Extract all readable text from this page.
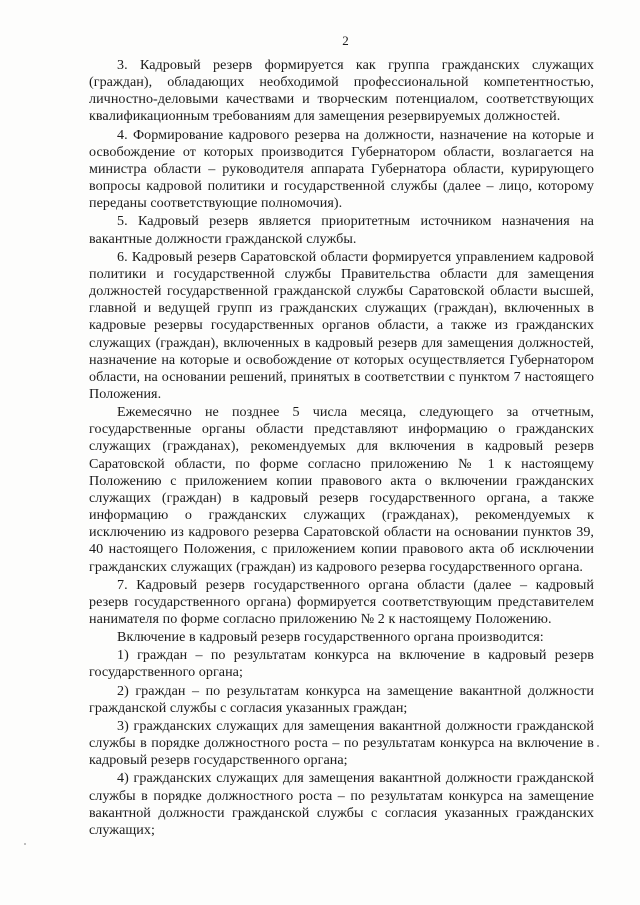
2

3. Кадровый резерв формируется как группа гражданских служащих (граждан), обладающих необходимой профессиональной компетентностью, личностно-деловыми качествами и творческим потенциалом, соответствующих квалификационным требованиям для замещения резервируемых должностей.

4. Формирование кадрового резерва на должности, назначение на которые и освобождение от которых производится Губернатором области, возлагается на министра области – руководителя аппарата Губернатора области, курирующего вопросы кадровой политики и государственной службы (далее – лицо, которому переданы соответствующие полномочия).

5. Кадровый резерв является приоритетным источником назначения на вакантные должности гражданской службы.

6. Кадровый резерв Саратовской области формируется управлением кадровой политики и государственной службы Правительства области для замещения должностей государственной гражданской службы Саратовской области высшей, главной и ведущей групп из гражданских служащих (граждан), включенных в кадровые резервы государственных органов области, а также из гражданских служащих (граждан), включенных в кадровый резерв для замещения должностей, назначение на которые и освобождение от которых осуществляется Губернатором области, на основании решений, принятых в соответствии с пунктом 7 настоящего Положения.

Ежемесячно не позднее 5 числа месяца, следующего за отчетным, государственные органы области представляют информацию о гражданских служащих (гражданах), рекомендуемых для включения в кадровый резерв Саратовской области, по форме согласно приложению № 1 к настоящему Положению с приложением копии правового акта о включении гражданских служащих (граждан) в кадровый резерв государственного органа, а также информацию о гражданских служащих (гражданах), рекомендуемых к исключению из кадрового резерва Саратовской области на основании пунктов 39, 40 настоящего Положения, с приложением копии правового акта об исключении гражданских служащих (граждан) из кадрового резерва государственного органа.

7. Кадровый резерв государственного органа области (далее – кадровый резерв государственного органа) формируется соответствующим представителем нанимателя по форме согласно приложению № 2 к настоящему Положению.

Включение в кадровый резерв государственного органа производится:

1) граждан – по результатам конкурса на включение в кадровый резерв государственного органа;

2) граждан – по результатам конкурса на замещение вакантной должности гражданской службы с согласия указанных граждан;

3) гражданских служащих для замещения вакантной должности гражданской службы в порядке должностного роста – по результатам конкурса на включение в кадровый резерв государственного органа;

4) гражданских служащих для замещения вакантной должности гражданской службы в порядке должностного роста – по результатам конкурса на замещение вакантной должности гражданской службы с согласия указанных гражданских служащих;
